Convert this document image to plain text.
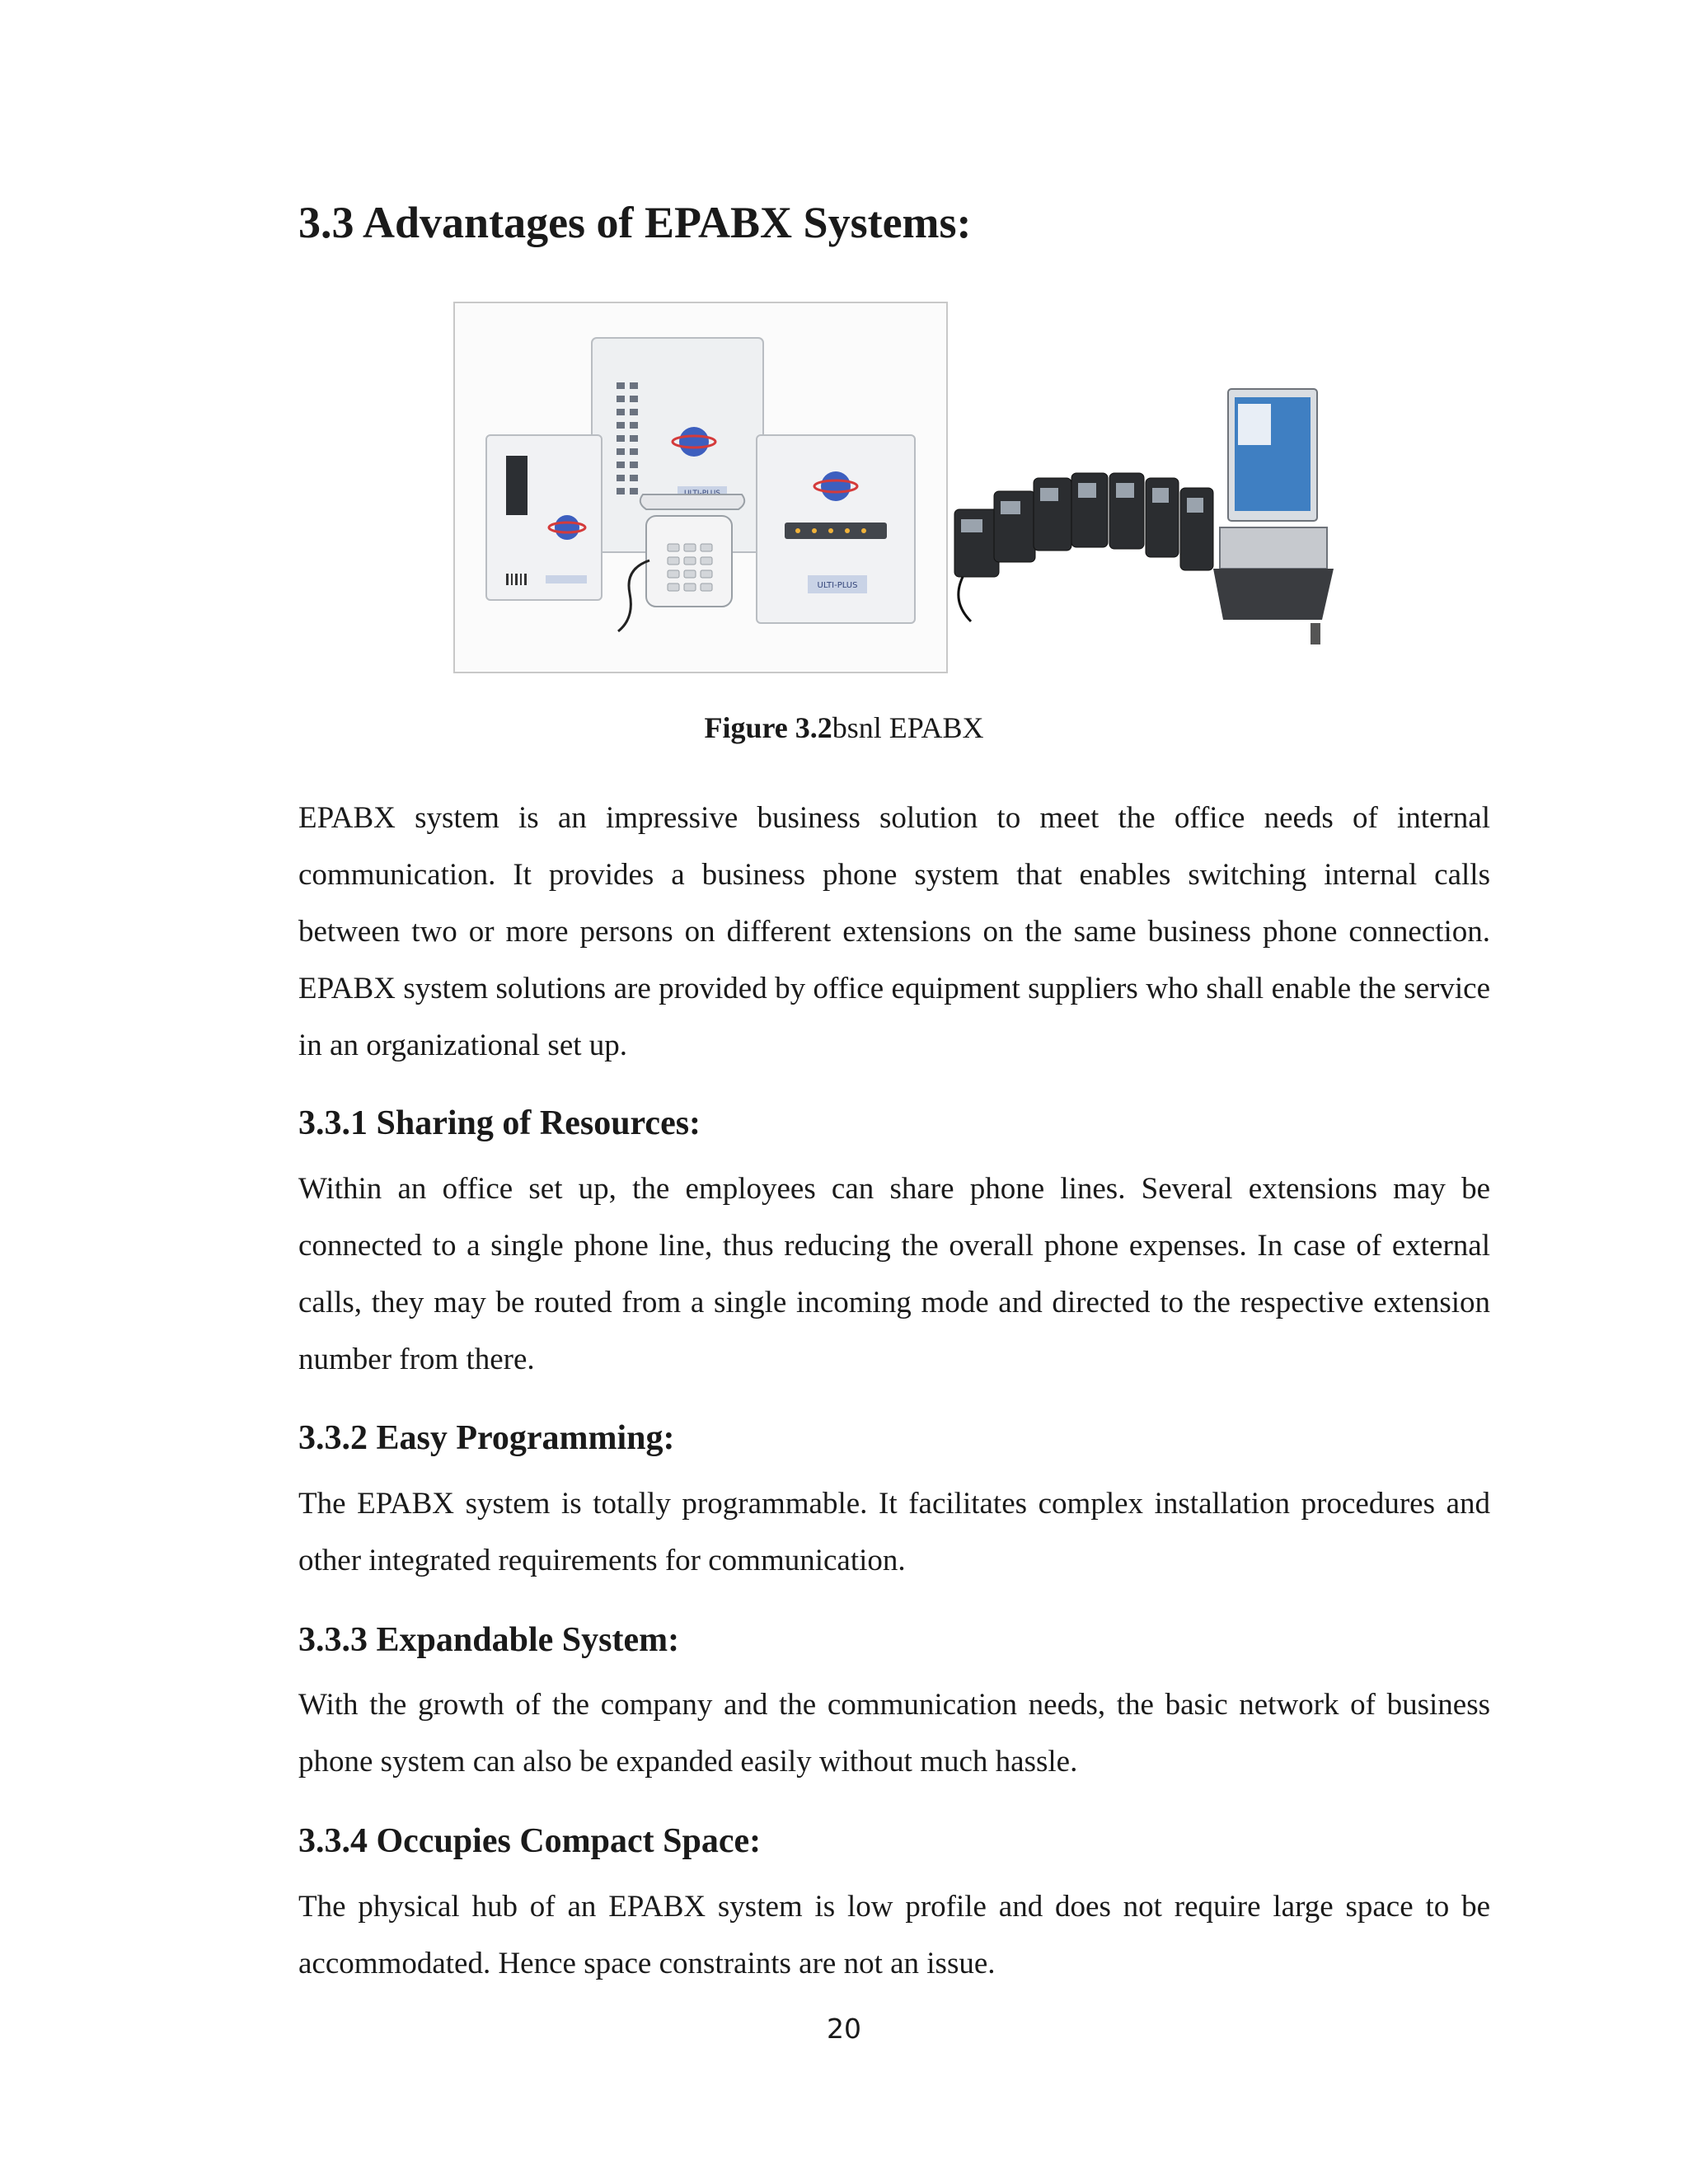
3.3 Advantages of EPABX Systems:
ULTI-PLUS
Figure 3.2bsnl EPABX

EPABX system is an impressive business solution to meet the office needs of internal communication. It provides a business phone system that enables switching internal calls between two or more persons on different extensions on the same business phone connection. EPABX system solutions are provided by office equipment suppliers who shall enable the service in an organizational set up.

3.3.1 Sharing of Resources:

Within an office set up, the employees can share phone lines. Several extensions may be connected to a single phone line, thus reducing the overall phone expenses. In case of external calls, they may be routed from a single incoming mode and directed to the respective extension number from there.

3.3.2 Easy Programming:

The EPABX system is totally programmable. It facilitates complex installation procedures and other integrated requirements for communication.

3.3.3 Expandable System:

With the growth of the company and the communication needs, the basic network of business phone system can also be expanded easily without much hassle.

3.3.4 Occupies Compact Space:

The physical hub of an EPABX system is low profile and does not require large space to be accommodated. Hence space constraints are not an issue.

20
